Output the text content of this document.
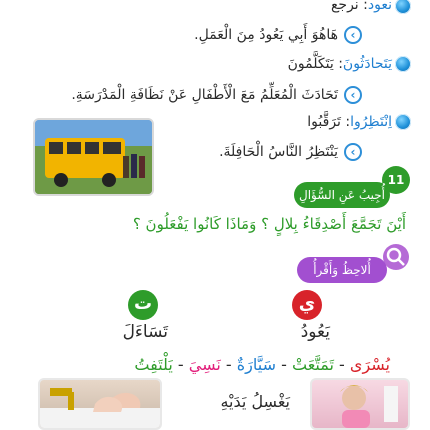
نعود: نرجع
‹
هَاهُوَ أَبِي يَعُودُ مِنَ الْعَمَلِ.
يَتَحادَثُونَ: يَتَكَلَّمُونَ
‹
تَحَادَثَ الْمُعَلِّمُ مَعَ الْأَطْفَالِ عَنْ نَظَافَةِ الْمَدْرَسَةِ.
اِنْتَظِرُوا: تَرَقَّبُوا
‹
يَنْتَظِرُ النَّاسُ الْحَافِلَةَ.
11
أُجِيبُ عَنِ السُّؤَالِ
أَيْنَ تَجَمَّعَ أَصْدِقَاءُ بِلالٍ ؟ وَمَاذَا كَانُوا يَفْعَلُونَ ؟
أُلاحِظُ وَأَقْرأُ
ي
ت
يَعُودُ
تَسَاءَلَ
يُسْرَى - تَمَتَّعَتْ - سَيَّارَةٌ - نَسِيَ - يَلْتَفِتُ
يَغْسِلُ يَدَيْهِ
